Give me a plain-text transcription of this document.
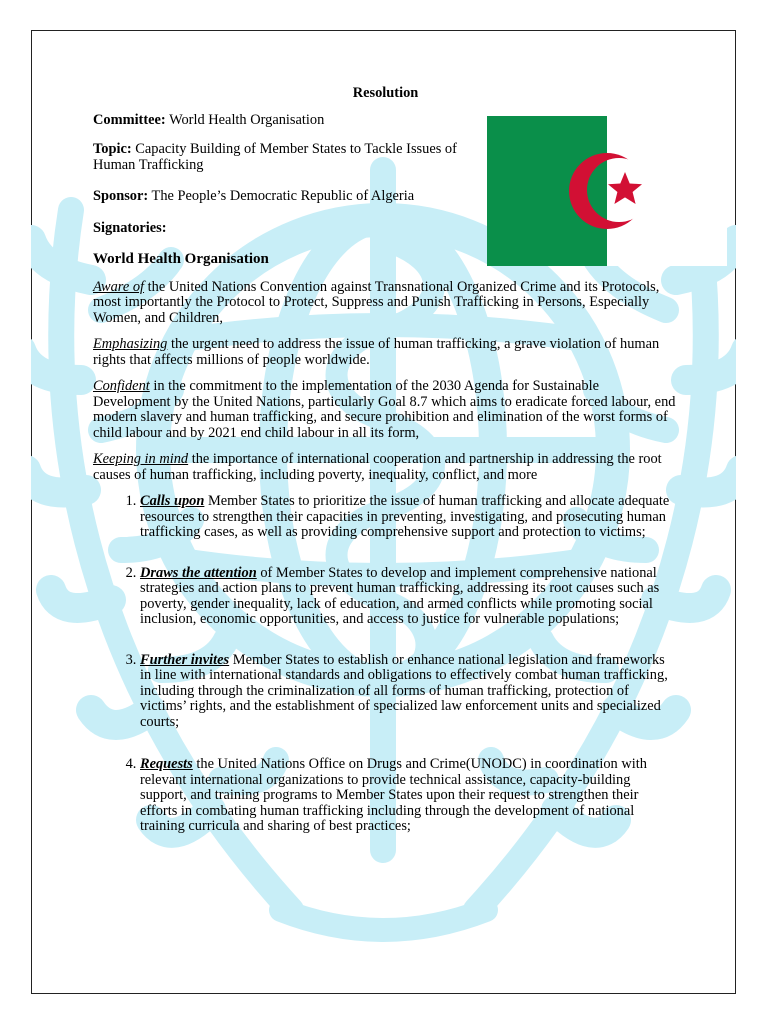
Resolution

Committee: World Health Organisation

Topic: Capacity Building of Member States to Tackle Issues of Human Trafficking

Sponsor: The People’s Democratic Republic of Algeria

Signatories:

World Health Organisation

Aware of the United Nations Convention against Transnational Organized Crime and its Protocols, most importantly the Protocol to Protect, Suppress and Punish Trafficking in Persons, Especially Women, and Children,

Emphasizing the urgent need to address the issue of human trafficking, a grave violation of human rights that affects millions of people worldwide.

Confident in the commitment to the implementation of the 2030 Agenda for Sustainable Development by the United Nations, particularly Goal 8.7 which aims to eradicate forced labour, end modern slavery and human trafficking, and secure prohibition and elimination of the worst forms of child labour and by 2021 end child labour in all its form,

Keeping in mind the importance of international cooperation and partnership in addressing the root causes of human trafficking, including poverty, inequality, conflict, and more

1. Calls upon Member States to prioritize the issue of human trafficking and allocate adequate resources to strengthen their capacities in preventing, investigating, and prosecuting human trafficking cases, as well as providing comprehensive support and protection to victims;
2. Draws the attention of Member States to develop and implement comprehensive national strategies and action plans to prevent human trafficking, addressing its root causes such as poverty, gender inequality, lack of education, and armed conflicts while promoting social inclusion, economic opportunities, and access to justice for vulnerable populations;
3. Further invites Member States to establish or enhance national legislation and frameworks in line with international standards and obligations to effectively combat human trafficking, including through the criminalization of all forms of human trafficking, protection of victims’ rights, and the establishment of specialized law enforcement units and specialized courts;
4. Requests the United Nations Office on Drugs and Crime(UNODC) in coordination with relevant international organizations to provide technical assistance, capacity-building support, and training programs to Member States upon their request to strengthen their efforts in combating human trafficking including through the development of national training curricula and sharing of best practices;
